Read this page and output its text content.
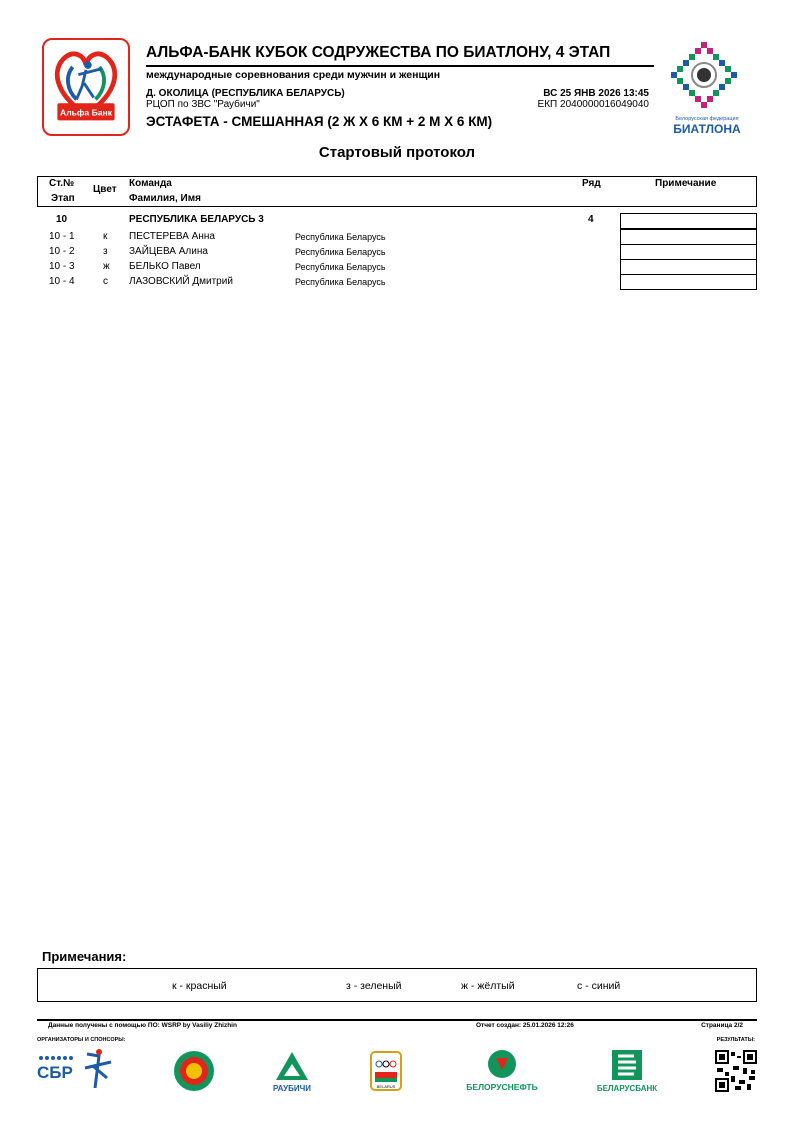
Альфа Банк
АЛЬФА-БАНК КУБОК СОДРУЖЕСТВА ПО БИАТЛОНУ, 4 ЭТАП
международные соревнования среди мужчин и женщин
Д. ОКОЛИЦА (РЕСПУБЛИКА БЕЛАРУСЬ)
РЦОП по ЗВС "Раубичи"
ВС 25 ЯНВ 2026 13:45
ЕКП 2040000016049040
ЭСТАФЕТА - СМЕШАННАЯ (2 Ж X 6 КМ + 2 М X 6 КМ)	Белорусская федерация
БИАТЛОНА
Стартовый протокол
Ст.№
Этап
Цвет
Команда
Фамилия, Имя
Ряд	Примечание
10	РЕСПУБЛИКА БЕЛАРУСЬ 3	4
10 - 1	к ПЕСТЕРЕВА Анна	Республика Беларусь
10 - 2	з ЗАЙЦЕВА Алина	Республика Беларусь
10 - 3	ж БЕЛЬКО Павел	Республика Беларусь
10 - 4	с ЛАЗОВСКИЙ Дмитрий	Республика Беларусь
Примечания:
к - красный	з - зеленый	ж - жёлтый	с - синий
Данные получены с помощью ПО: WSRP by Vasiliy Zhizhin	Отчет создан: 25.01.2026 12:26	Страница 2/2
ОРГАНИЗАТОРЫ И СПОНСОРЫ:	РЕЗУЛЬТАТЫ:
СБР
РАУБИЧИ	BELARUS	БЕЛОРУСНЕФТЬ	БЕЛАРУСБАНК
